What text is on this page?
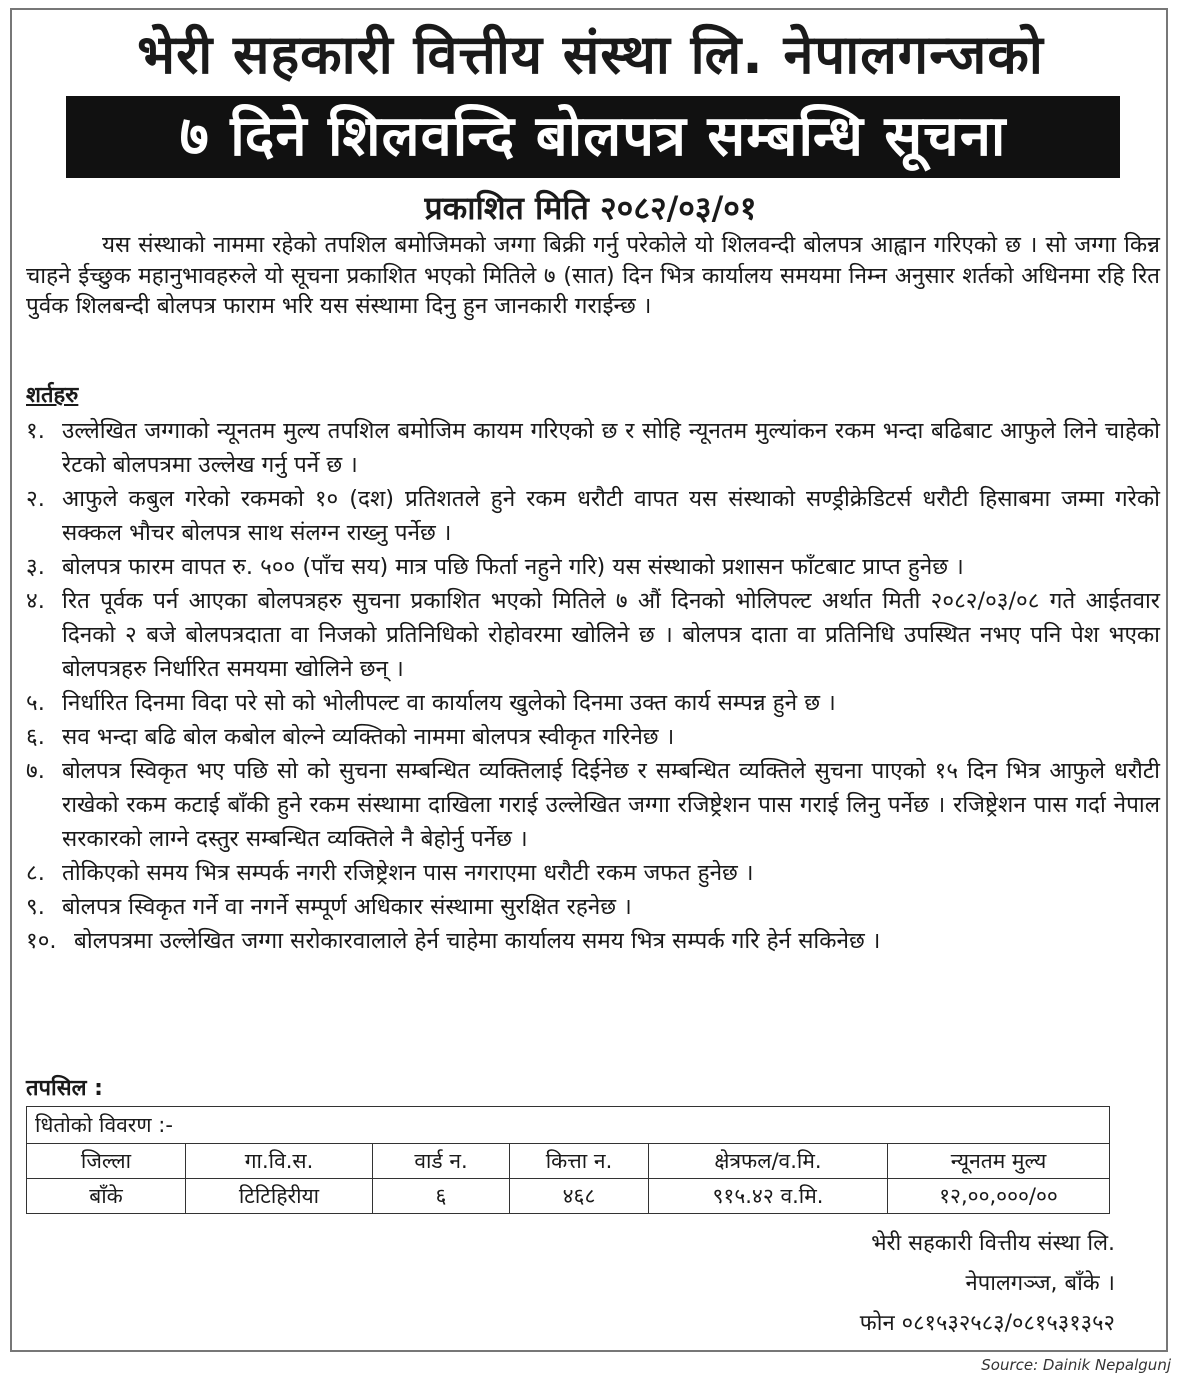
भेरी सहकारी वित्तीय संस्था लि. नेपालगन्जको
७ दिने शिलवन्दि बोलपत्र सम्बन्धि सूचना
प्रकाशित मिति २०८२/०३/०१

यस संस्थाको नाममा रहेको तपशिल बमोजिमको जग्गा बिक्री गर्नु परेकोले यो शिलवन्दी बोलपत्र आह्वान गरिएको छ । सो जग्गा किन्न चाहने ईच्छुक महानुभावहरुले यो सूचना प्रकाशित भएको मितिले ७ (सात) दिन भित्र कार्यालय समयमा निम्न अनुसार शर्तको अधिनमा रहि रित पुर्वक शिलबन्दी बोलपत्र फाराम भरि यस संस्थामा दिनु हुन जानकारी गराईन्छ ।

शर्तहरु
१. उल्लेखित जग्गाको न्यूनतम मुल्य तपशिल बमोजिम कायम गरिएको छ र सोहि न्यूनतम मुल्यांकन रकम भन्दा बढिबाट आफुले लिने चाहेको रेटको बोलपत्रमा उल्लेख गर्नु पर्ने छ ।
२. आफुले कबुल गरेको रकमको १० (दश) प्रतिशतले हुने रकम धरौटी वापत यस संस्थाको सण्ड्रीक्रेडिटर्स धरौटी हिसाबमा जम्मा गरेको सक्कल भौचर बोलपत्र साथ संलग्न राख्नु पर्नेछ ।
३. बोलपत्र फारम वापत रु. ५०० (पाँच सय) मात्र पछि फिर्ता नहुने गरि) यस संस्थाको प्रशासन फाँटबाट प्राप्त हुनेछ ।
४. रित पूर्वक पर्न आएका बोलपत्रहरु सुचना प्रकाशित भएको मितिले ७ औं दिनको भोलिपल्ट अर्थात मिती २०८२/०३/०८ गते आईतवार दिनको २ बजे बोलपत्रदाता वा निजको प्रतिनिधिको रोहोवरमा खोलिने छ । बोलपत्र दाता वा प्रतिनिधि उपस्थित नभए पनि पेश भएका बोलपत्रहरु निर्धारित समयमा खोलिने छन् ।
५. निर्धारित दिनमा विदा परे सो को भोलीपल्ट वा कार्यालय खुलेको दिनमा उक्त कार्य सम्पन्न हुने छ ।
६. सव भन्दा बढि बोल कबोल बोल्ने व्यक्तिको नाममा बोलपत्र स्वीकृत गरिनेछ ।
७. बोलपत्र स्विकृत भए पछि सो को सुचना सम्बन्धित व्यक्तिलाई दिईनेछ र सम्बन्धित व्यक्तिले सुचना पाएको १५ दिन भित्र आफुले धरौटी राखेको रकम कटाई बाँकी हुने रकम संस्थामा दाखिला गराई उल्लेखित जग्गा रजिष्ट्रेशन पास गराई लिनु पर्नेछ । रजिष्ट्रेशन पास गर्दा नेपाल सरकारको लाग्ने दस्तुर सम्बन्धित व्यक्तिले नै बेहोर्नु पर्नेछ ।
८. तोकिएको समय भित्र सम्पर्क नगरी रजिष्ट्रेशन पास नगराएमा धरौटी रकम जफत हुनेछ ।
९. बोलपत्र स्विकृत गर्ने वा नगर्ने सम्पूर्ण अधिकार संस्थामा सुरक्षित रहनेछ ।
१०. बोलपत्रमा उल्लेखित जग्गा सरोकारवालाले हेर्न चाहेमा कार्यालय समय भित्र सम्पर्क गरि हेर्न सकिनेछ ।
तपसिल :
धितोको विवरण :-
जिल्ला	गा.वि.स.	वार्ड न.	कित्ता न.	क्षेत्रफल/व.मि.	न्यूनतम मुल्य
बाँके	टिटिहिरीया	६	४६८	९१५.४२ व.मि.	१२,००,०००/००
भेरी सहकारी वित्तीय संस्था लि.
नेपालगञ्ज, बाँके ।
फोन ०८१५३२५८३/०८१५३१३५२
Source: Dainik Nepalgunj
